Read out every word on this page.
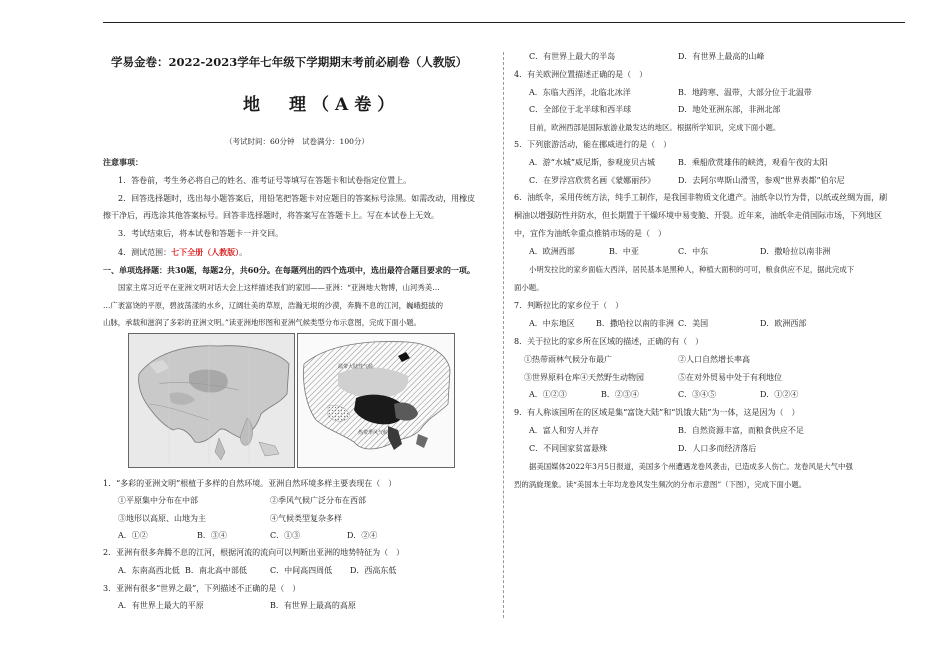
学易金卷：2022-2023学年七年级下学期期末考前必刷卷（人教版）
地　理（A卷）
（考试时间：60分钟　试卷满分：100分）
注意事项：
1．答卷前，考生务必将自己的姓名、准考证号等填写在答题卡和试卷指定位置上。
2．回答选择题时，选出每小题答案后，用铅笔把答题卡对应题目的答案标号涂黑。如需改动，用橡皮
擦干净后，再选涂其他答案标号。回答非选择题时，将答案写在答题卡上。写在本试卷上无效。
3．考试结束后，将本试卷和答题卡一并交回。
4．测试范围：七下全册（人教版）。
一、单项选择题：共30题，每题2分，共60分。在每题列出的四个选项中，选出最符合题目要求的一项。
国家主席习近平在亚洲文明对话大会上这样描述我们的家园——亚洲：“亚洲地大物博，山河秀美…
…广袤富饶的平原，碧波荡漾的水乡，辽阔壮美的草原，浩瀚无垠的沙漠，奔腾不息的江河，巍峨挺拔的
山脉，承载和滋润了多彩的亚洲文明。”读亚洲地形图和亚洲气候类型分布示意图，完成下面小题。
温带大陆性气候
热带季风气候
1．“多彩的亚洲文明”根植于多样的自然环境。亚洲自然环境多样主要表现在（　）
①平原集中分布在中部	②季风气候广泛分布在西部
③地形以高原、山地为主	④气候类型复杂多样
A．①②	B．③④	C．①③	D．②④
2．亚洲有很多奔腾不息的江河，根据河流的流向可以判断出亚洲的地势特征为（　）
A．东南高西北低 B．南北高中部低	C．中间高四周低 D．西高东低
3．亚洲有很多“世界之最”，下列描述不正确的是（　）
A．有世界上最大的平原	B．有世界上最高的高原
C．有世界上最大的半岛	D．有世界上最高的山峰
4．有关欧洲位置描述正确的是（　）
A．东临大西洋，北临北冰洋	B．地跨寒、温带，大部分位于北温带
C．全部位于北半球和西半球	D．地处亚洲东部，非洲北部
目前，欧洲西部是国际旅游业最发达的地区。根据所学知识，完成下面小题。
5．下列旅游活动，能在挪威进行的是（　）
A．游“水城”威尼斯，参观庞贝古城	B．乘船欣赏雄伟的峡湾，观看午夜的太阳
C．在罗浮宫欣赏名画《蒙娜丽莎》	D．去阿尔卑斯山滑雪，参观“世界表都”伯尔尼
6．油纸伞，采用传统方法，纯手工制作，是我国非物质文化遗产。油纸伞以竹为骨，以纸或丝绸为面，刷
桐油以增强防性并防水，但长期置于干燥环境中易变脆、开裂。近年来，油纸伞走俏国际市场，下列地区
中，宜作为油纸伞重点推销市场的是（　）
A．欧洲西部	B．中亚	C．中东	D．撒哈拉以南非洲
小明发拉比的家乡面临大西洋，居民基本是黑种人，种植大面积的可可，粮食供应不足，据此完成下
面小题。
7．判断拉比的家乡位于（　）
A．中东地区	B．撒哈拉以南的非洲 C．美国	D．欧洲西部
8．关于拉比的家乡所在区域的描述，正确的有（　）
①热带雨林气候分布最广	②人口自然增长率高
③世界原料仓库④天然野生动物园	⑤在对外贸易中处于有利地位
A．①②③	B．②③④	C．③④⑤	D．①②④
9．有人称该国所在的区域是集“富饶大陆”和“饥饿大陆”为一体，这是因为（　）
A．富人和穷人并存	B．自然资源丰富，而粮食供应不足
C．不同国家贫富悬殊	D．人口多而经济落后
据美国媒体2022年3月5日报道，美国多个州遭遇龙卷风袭击，已造成多人伤亡。龙卷风是大气中强
烈的涡旋现象。读“美国本土年均龙卷风发生频次的分布示意图”（下图），完成下面小题。
